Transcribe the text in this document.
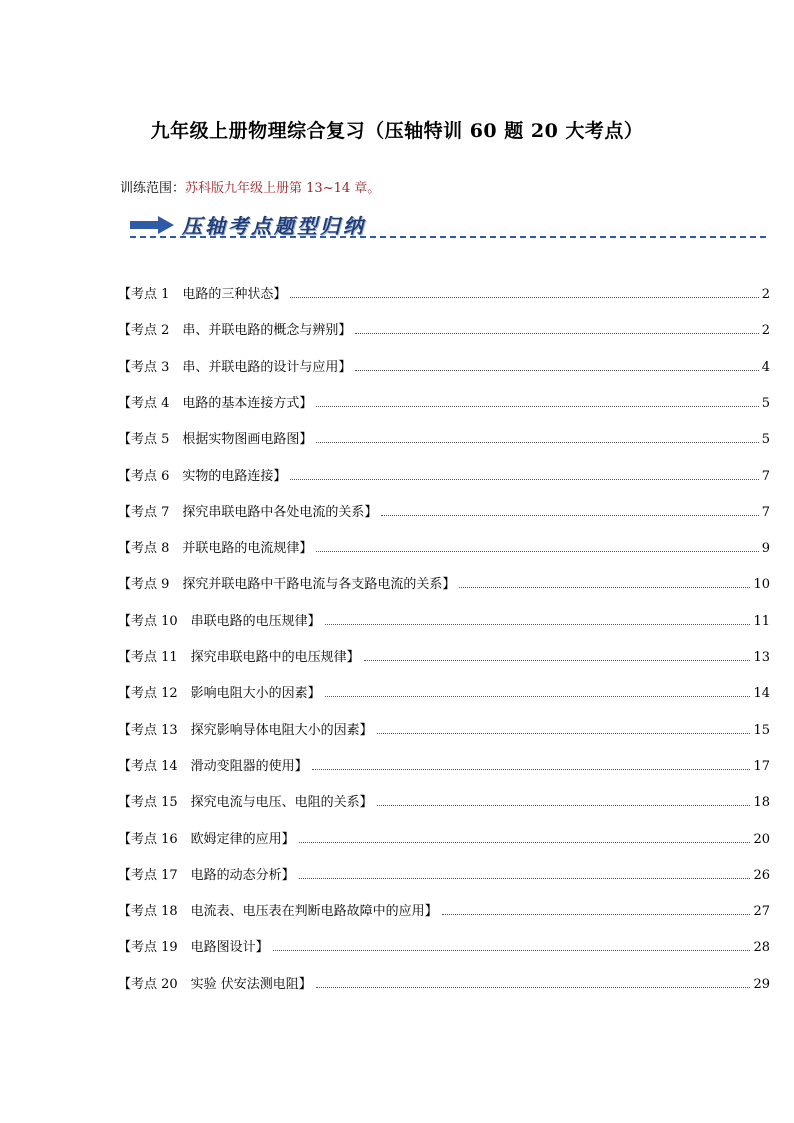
九年级上册物理综合复习（压轴特训 60 题 20 大考点）
训练范围：苏科版九年级上册第 13~14 章。
压轴考点题型归纳
【考点 1　电路的三种状态】	2
【考点 2　串、并联电路的概念与辨别】	2
【考点 3　串、并联电路的设计与应用】	4
【考点 4　电路的基本连接方式】	5
【考点 5　根据实物图画电路图】	5
【考点 6　实物的电路连接】	7
【考点 7　探究串联电路中各处电流的关系】	7
【考点 8　并联电路的电流规律】	9
【考点 9　探究并联电路中干路电流与各支路电流的关系】	10
【考点 10　串联电路的电压规律】	11
【考点 11　探究串联电路中的电压规律】	13
【考点 12　影响电阻大小的因素】	14
【考点 13　探究影响导体电阻大小的因素】	15
【考点 14　滑动变阻器的使用】	17
【考点 15　探究电流与电压、电阻的关系】	18
【考点 16　欧姆定律的应用】	20
【考点 17　电路的动态分析】	26
【考点 18　电流表、电压表在判断电路故障中的应用】	27
【考点 19　电路图设计】	28
【考点 20　实验 伏安法测电阻】	29
